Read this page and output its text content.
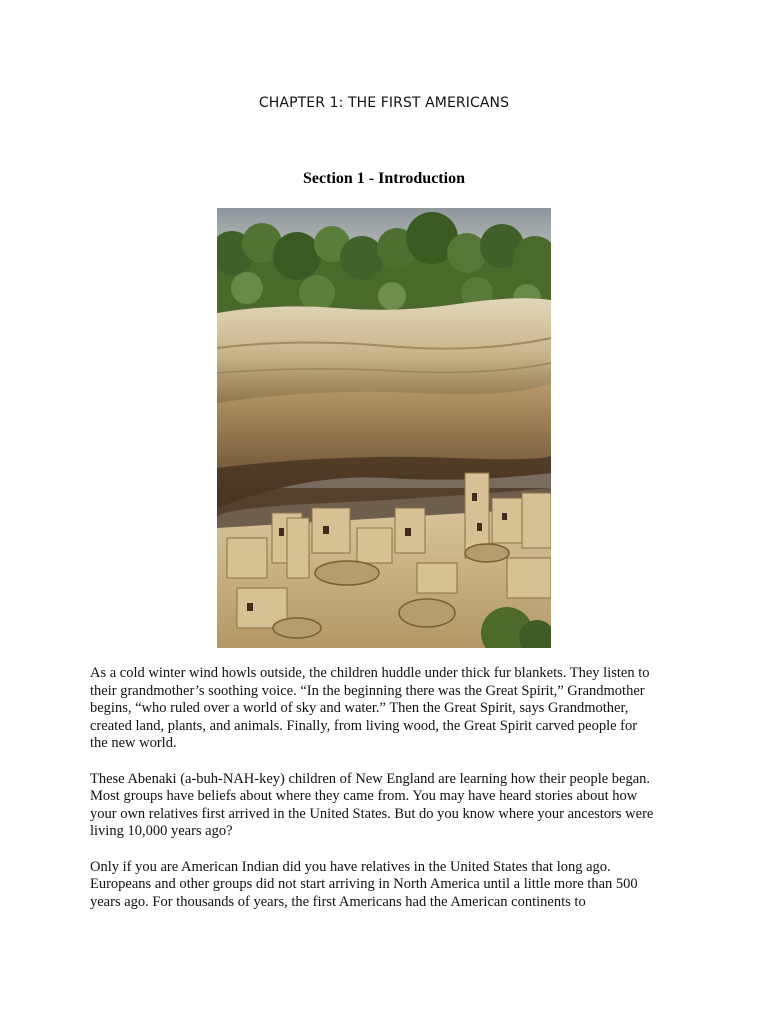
CHAPTER 1: THE FIRST AMERICANS
Section 1 - Introduction

As a cold winter wind howls outside, the children huddle under thick fur blankets. They listen to
their grandmother’s soothing voice. “In the beginning there was the Great Spirit,” Grandmother
begins, “who ruled over a world of sky and water.” Then the Great Spirit, says Grandmother,
created land, plants, and animals. Finally, from living wood, the Great Spirit carved people for
the new world.

These Abenaki (a-buh-NAH-key) children of New England are learning how their people began.
Most groups have beliefs about where they came from. You may have heard stories about how
your own relatives first arrived in the United States. But do you know where your ancestors were
living 10,000 years ago?

Only if you are American Indian did you have relatives in the United States that long ago.
Europeans and other groups did not start arriving in North America until a little more than 500
years ago. For thousands of years, the first Americans had the American continents to
